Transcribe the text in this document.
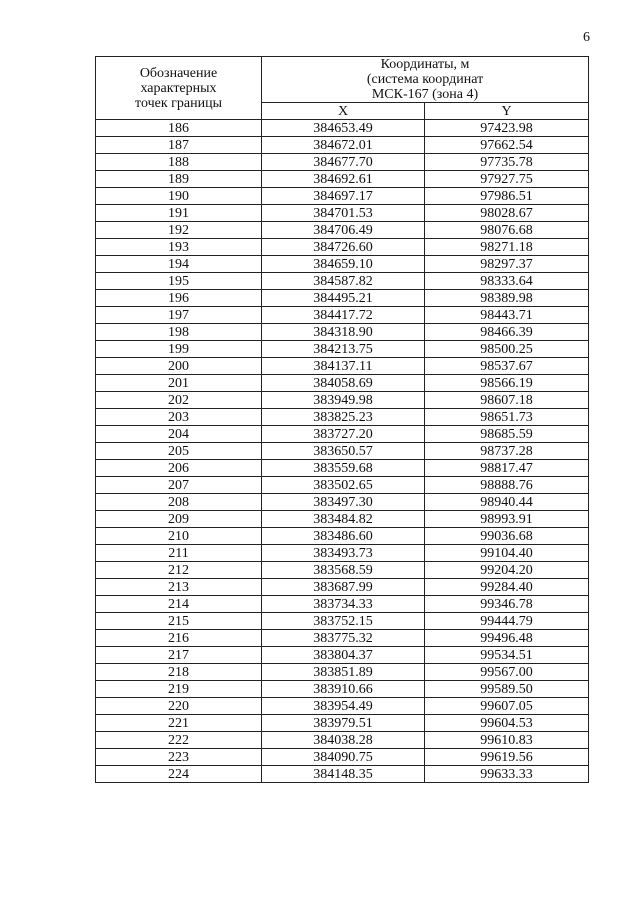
6
Обозначение
характерных
точек границы	Координаты, м
(система координат
МСК-167 (зона 4)	

	X	Y
186	384653.49	97423.98
187	384672.01	97662.54
188	384677.70	97735.78
189	384692.61	97927.75
190	384697.17	97986.51
191	384701.53	98028.67
192	384706.49	98076.68
193	384726.60	98271.18
194	384659.10	98297.37
195	384587.82	98333.64
196	384495.21	98389.98
197	384417.72	98443.71
198	384318.90	98466.39
199	384213.75	98500.25
200	384137.11	98537.67
201	384058.69	98566.19
202	383949.98	98607.18
203	383825.23	98651.73
204	383727.20	98685.59
205	383650.57	98737.28
206	383559.68	98817.47
207	383502.65	98888.76
208	383497.30	98940.44
209	383484.82	98993.91
210	383486.60	99036.68
211	383493.73	99104.40
212	383568.59	99204.20
213	383687.99	99284.40
214	383734.33	99346.78
215	383752.15	99444.79
216	383775.32	99496.48
217	383804.37	99534.51
218	383851.89	99567.00
219	383910.66	99589.50
220	383954.49	99607.05
221	383979.51	99604.53
222	384038.28	99610.83
223	384090.75	99619.56
224	384148.35	99633.33
